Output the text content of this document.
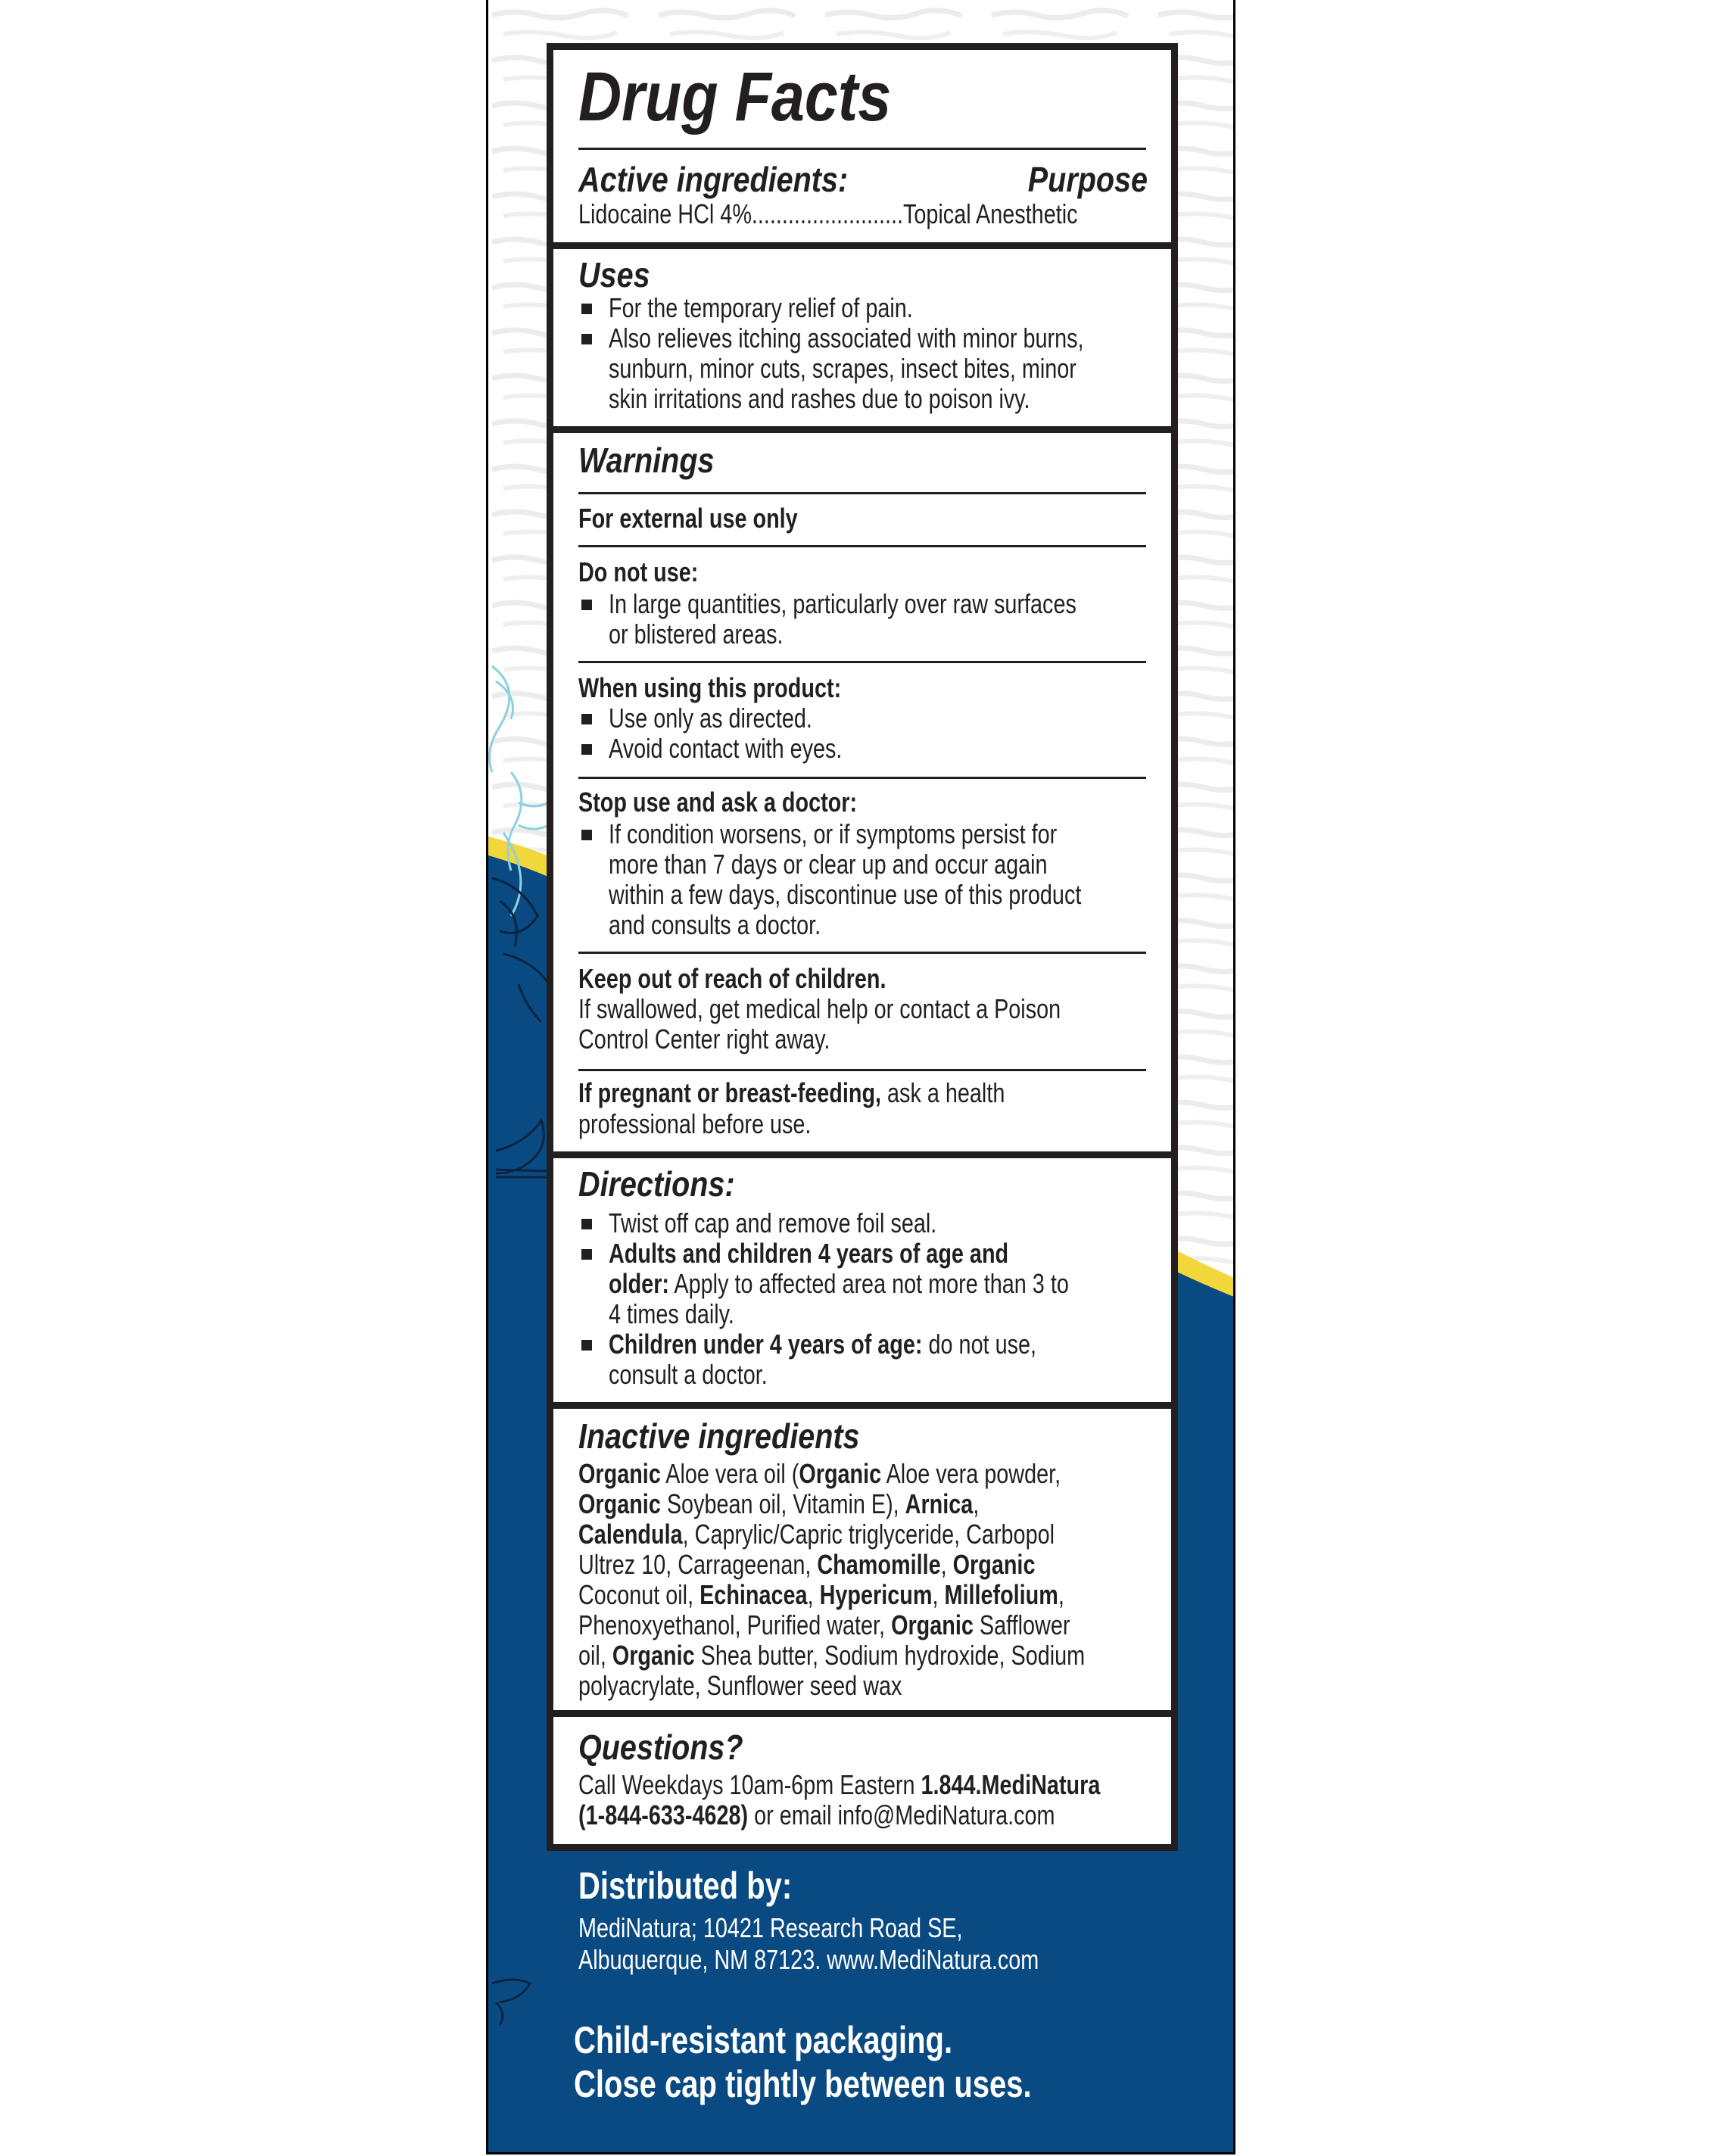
Drug Facts
Active ingredients:	Purpose
Lidocaine HCl 4%.........................Topical Anesthetic
Uses
For the temporary relief of pain.
Also relieves itching associated with minor burns,
sunburn, minor cuts, scrapes, insect bites, minor
skin irritations and rashes due to poison ivy.
Warnings
For external use only
Do not use:
In large quantities, particularly over raw surfaces
or blistered areas.
When using this product:
Use only as directed.
Avoid contact with eyes.
Stop use and ask a doctor:
If condition worsens, or if symptoms persist for
more than 7 days or clear up and occur again
within a few days, discontinue use of this product
and consults a doctor.
Keep out of reach of children.
If swallowed, get medical help or contact a Poison
Control Center right away.
If pregnant or breast-feeding, ask a health
professional before use.
Directions:
Twist off cap and remove foil seal.
Adults and children 4 years of age and
older: Apply to affected area not more than 3 to
4 times daily.
Children under 4 years of age: do not use,
consult a doctor.
Inactive ingredients
Organic Aloe vera oil (Organic Aloe vera powder,
Organic Soybean oil, Vitamin E), Arnica,
Calendula, Caprylic/Capric triglyceride, Carbopol
Ultrez 10, Carrageenan, Chamomille, Organic
Coconut oil, Echinacea, Hypericum, Millefolium,
Phenoxyethanol, Purified water, Organic Safflower
oil, Organic Shea butter, Sodium hydroxide, Sodium
polyacrylate, Sunflower seed wax
Questions?
Call Weekdays 10am-6pm Eastern 1.844.MediNatura
(1-844-633-4628) or email info@MediNatura.com
Distributed by:
MediNatura; 10421 Research Road SE,
Albuquerque, NM 87123. www.MediNatura.com
Child-resistant packaging.
Close cap tightly between uses.
